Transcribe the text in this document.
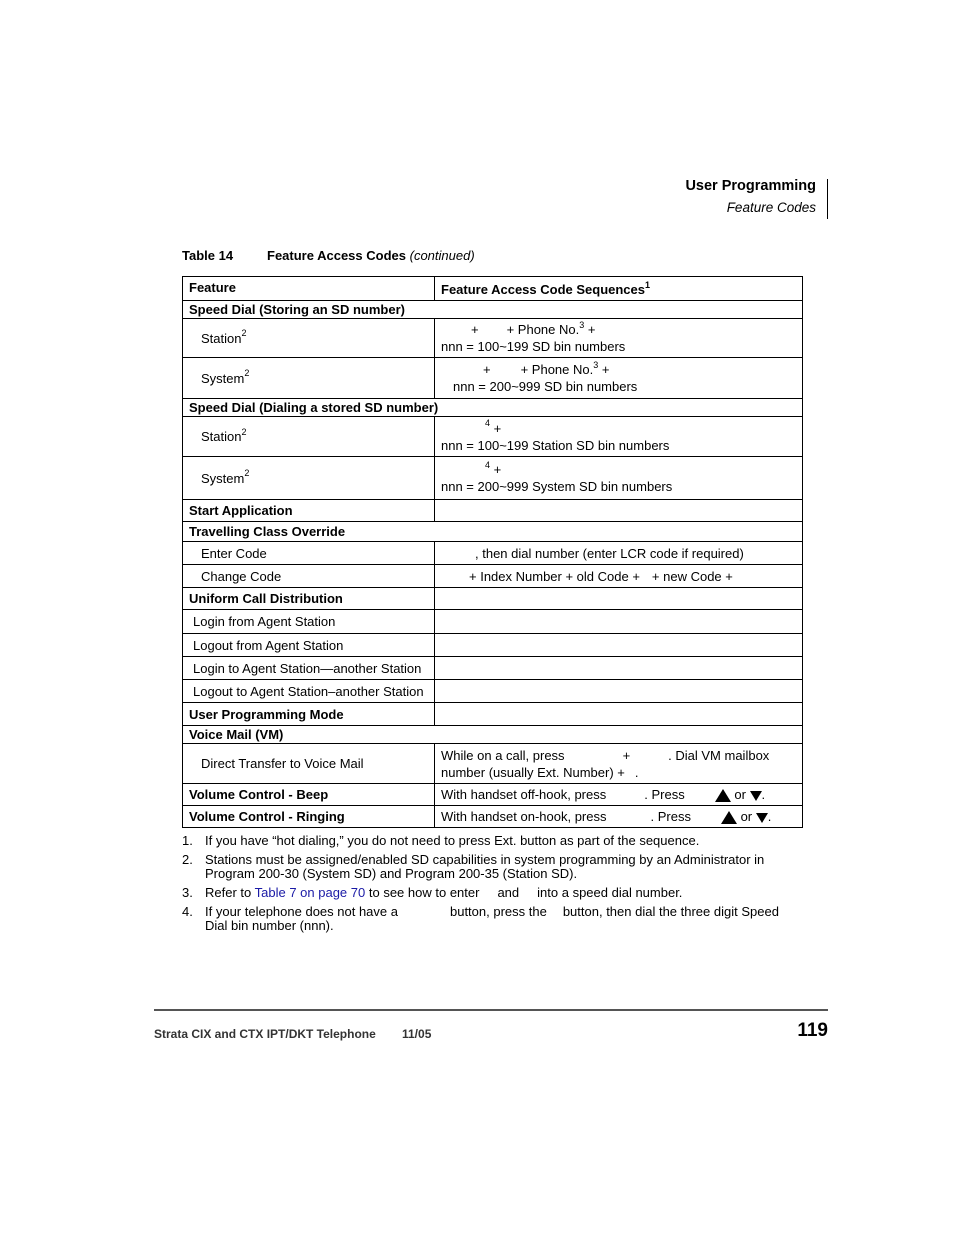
User Programming
Feature Codes
Table 14	Feature Access Codes (continued)
Feature	Feature Access Code Sequences$^1$
Speed Dial (Storing an SD number)	
Station$^2$	+ + Phone No.$^3$ +
nnn = 100~199 SD bin numbers

System$^2$	+ + Phone No.$^3$ +
nnn = 200~999 SD bin numbers

Speed Dial (Dialing a stored SD number)	
Station$^2$	$^4$ +
nnn = 100~199 Station SD bin numbers

System$^2$	$^4$ +
nnn = 200~999 System SD bin numbers

Start Application	
Travelling Class Override	
Enter Code	, then dial number (enter LCR code if required)
Change Code	+ Index Number + old Code + + new Code +
Uniform Call Distribution	
Login from Agent Station	
Logout from Agent Station	
Login to Agent Station—another Station	
Logout to Agent Station–another Station	
User Programming Mode	
Voice Mail (VM)	
Direct Transfer to Voice Mail	While on a call, press + . Dial VM mailbox
number (usually Ext. Number) + .

Volume Control - Beep	With handset off-hook, press . Press or .
Volume Control - Ringing	With handset on-hook, press . Press or .
1. If you have “hot dialing,” you do not need to press Ext. button as part of the sequence.
2. Stations must be assigned/enabled SD capabilities in system programming by an Administrator in Program 200-30 (System SD) and Program 200-35 (Station SD).
3. Refer to Table 7 on page 70 to see how to enter and into a speed dial number.
4. If your telephone does not have a	button, press the button, then dial the three digit Speed Dial bin number (nnn).
Strata CIX and CTX IPT/DKT Telephone 11/05	119
